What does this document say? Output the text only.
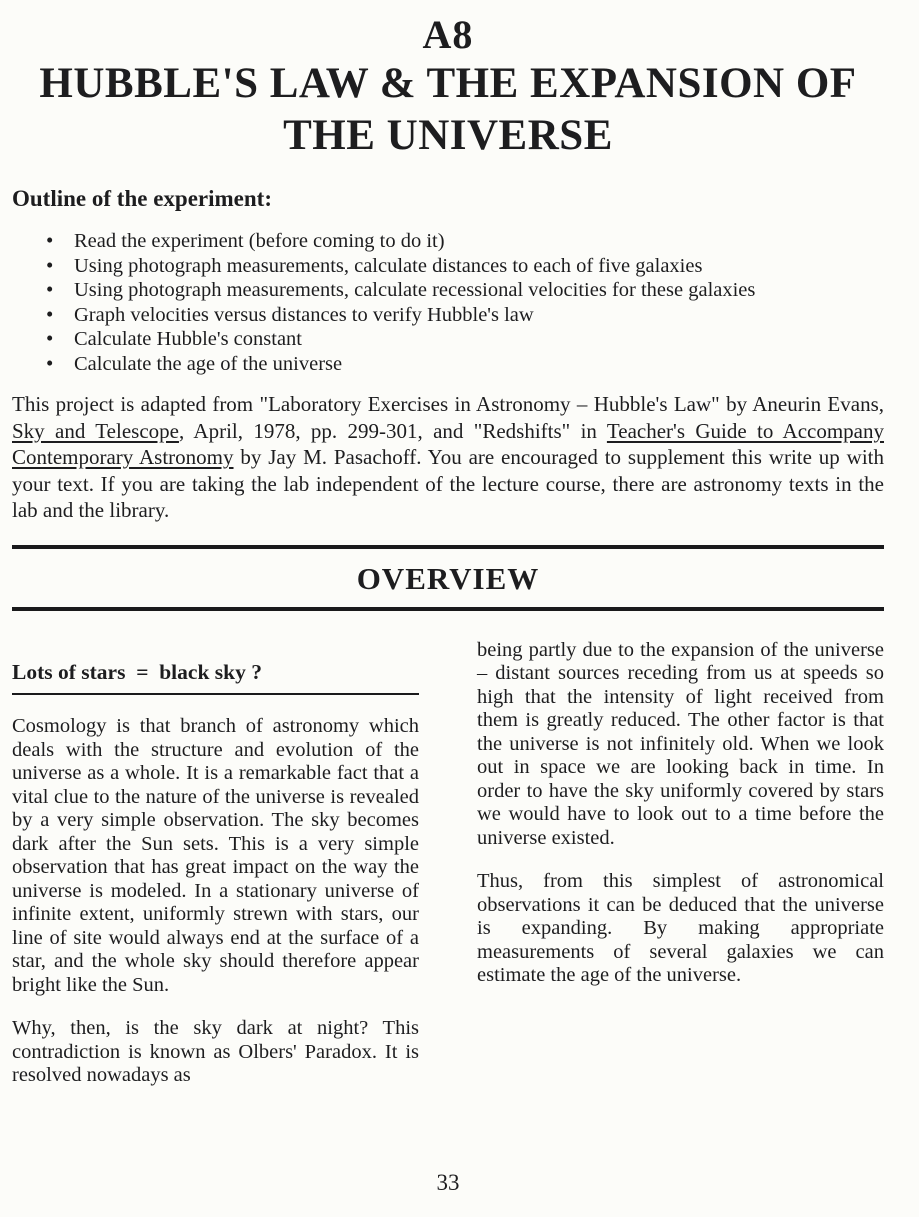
A8
HUBBLE'S LAW & THE EXPANSION OF
THE UNIVERSE
Outline of the experiment:
• Read the experiment (before coming to do it)
• Using photograph measurements, calculate distances to each of five galaxies
• Using photograph measurements, calculate recessional velocities for these galaxies
• Graph velocities versus distances to verify Hubble's law
• Calculate Hubble's constant
• Calculate the age of the universe

This project is adapted from "Laboratory Exercises in Astronomy – Hubble's Law" by Aneurin Evans, Sky and Telescope, April, 1978, pp. 299-301, and "Redshifts" in Teacher's Guide to Accompany Contemporary Astronomy by Jay M. Pasachoff. You are encouraged to supplement this write up with your text. If you are taking the lab independent of the lecture course, there are astronomy texts in the lab and the library.

OVERVIEW
Lots of stars  =  black sky ?

Cosmology is that branch of astronomy which deals with the structure and evolution of the universe as a whole. It is a remarkable fact that a vital clue to the nature of the universe is revealed by a very simple observation. The sky becomes dark after the Sun sets. This is a very simple observation that has great impact on the way the universe is modeled. In a stationary universe of infinite extent, uniformly strewn with stars, our line of site would always end at the surface of a star, and the whole sky should therefore appear bright like the Sun.

Why, then, is the sky dark at night? This contradiction is known as Olbers' Paradox. It is resolved nowadays as

being partly due to the expansion of the universe – distant sources receding from us at speeds so high that the intensity of light received from them is greatly reduced. The other factor is that the universe is not infinitely old. When we look out in space we are looking back in time. In order to have the sky uniformly covered by stars we would have to look out to a time before the universe existed.

Thus, from this simplest of astronomical observations it can be deduced that the universe is expanding. By making appropriate measurements of several galaxies we can estimate the age of the universe.

33
